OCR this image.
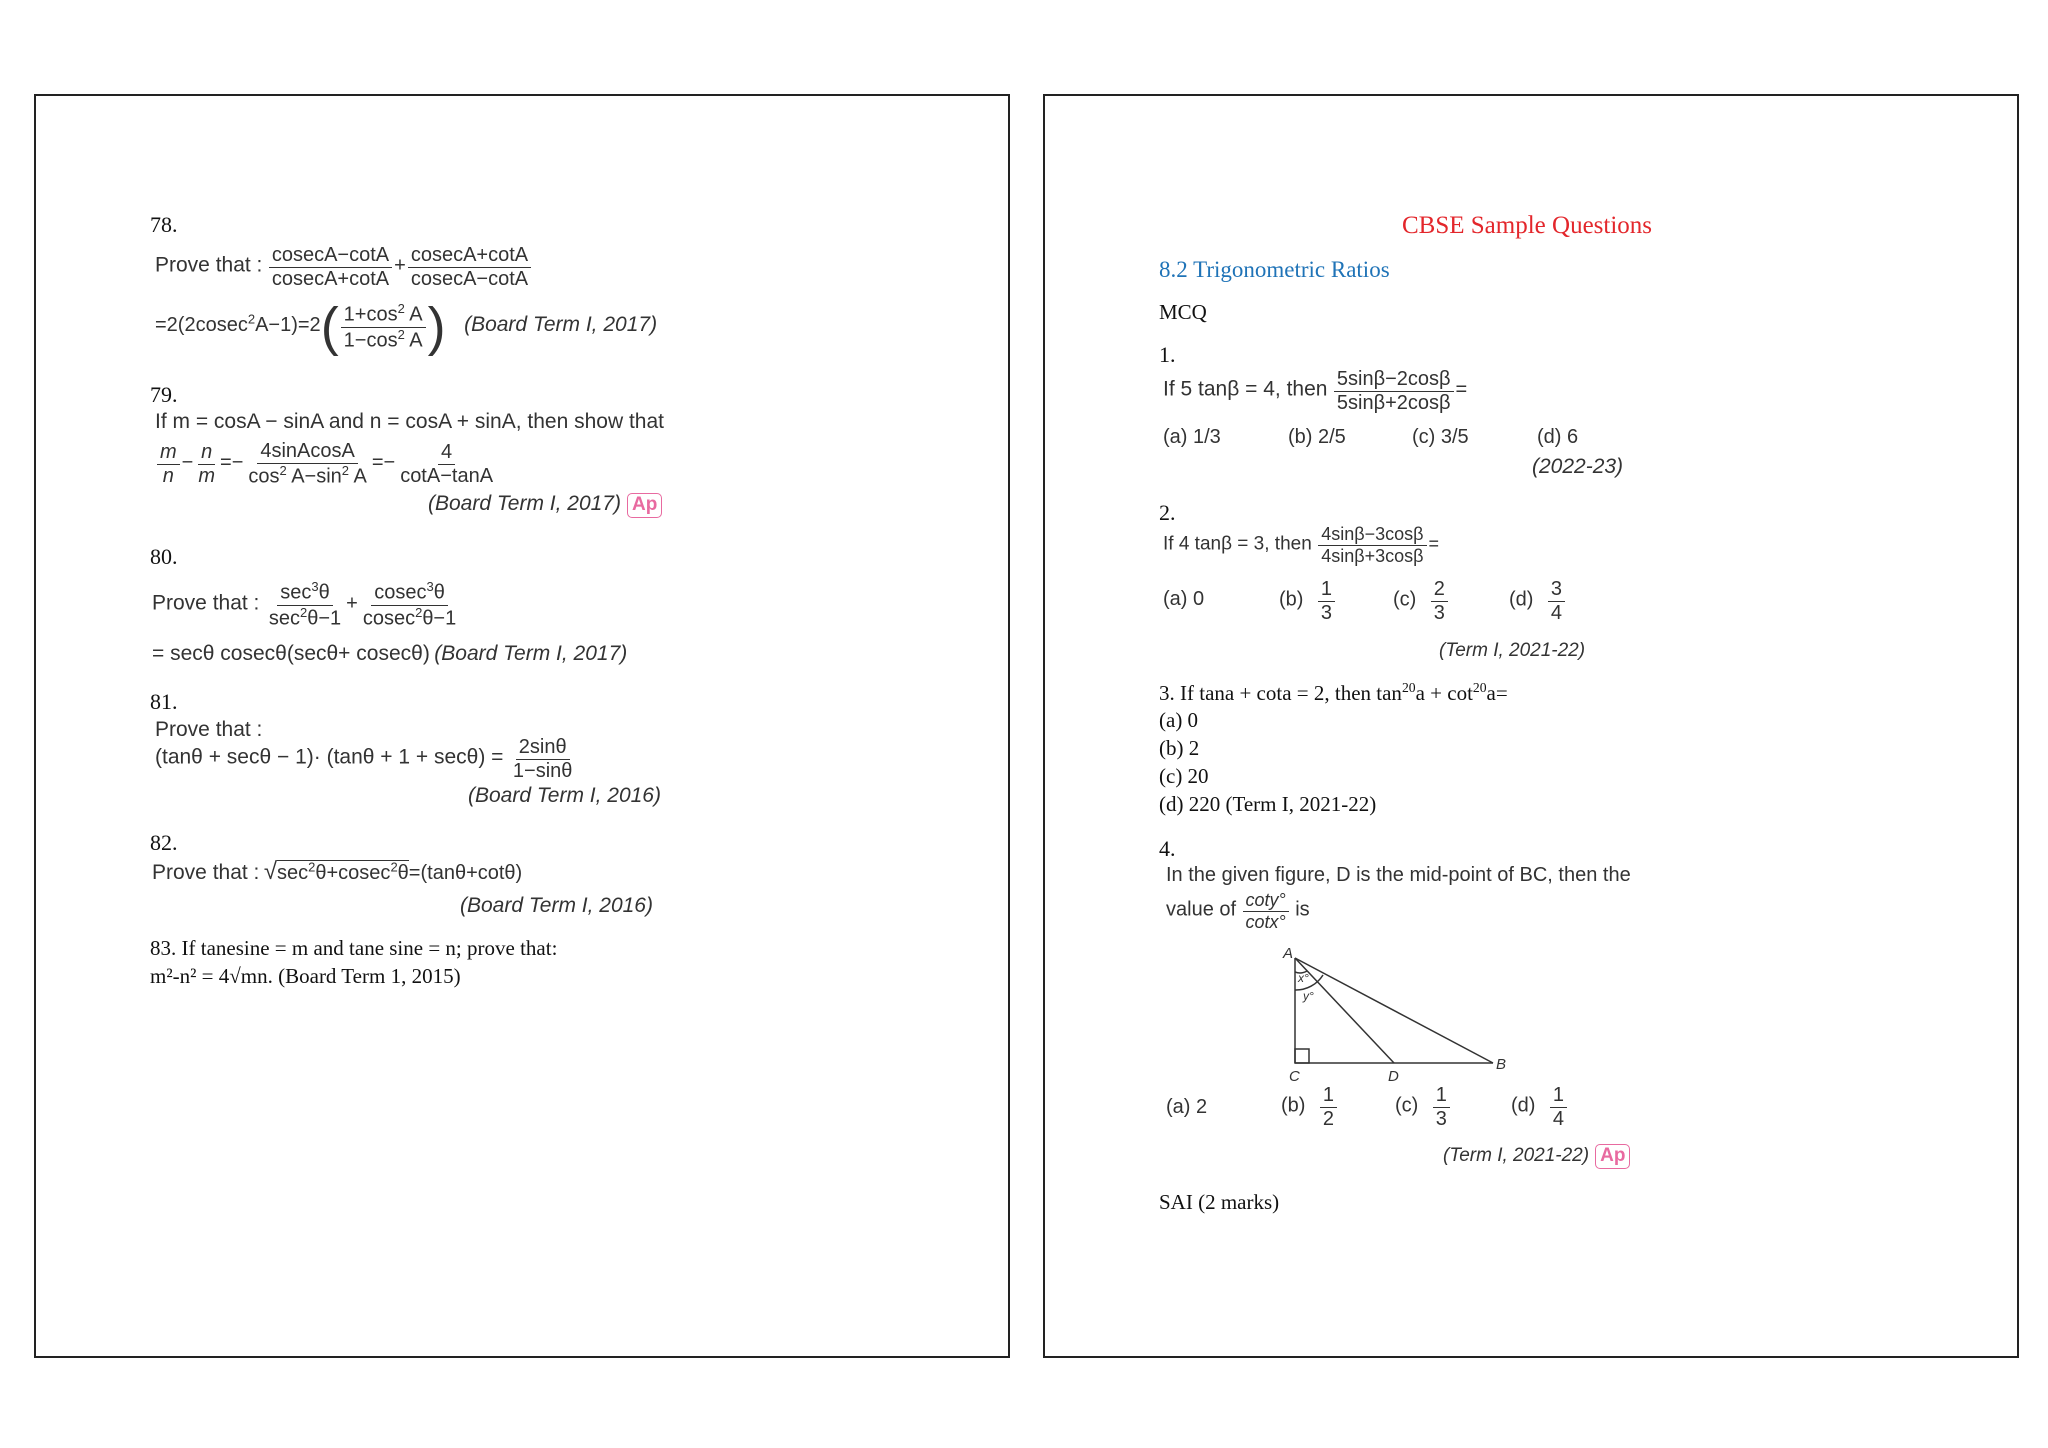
78.
Prove that : $\frac{cosecA-\cot A}{cosecA+\cot A} + \frac{cosecA+\cot A}{cosecA-\cot A}$
$=2(2cosec^2A-1)=2( \frac{1+\cos^2 A}{1-\cos^2 A}$ ) (Board Term I, 2017)
79.
If m = cosA − sinA and n = cosA + sinA, then show that
$\frac{m}{n} - \frac{n}{m} =- \frac{\text{4sinAcosA}}{\cos^2 A-\sin^2 A} =- \frac{4}{\cot A-\tan A}$
(Board Term I, 2017) Ap
80.
Prove that : $\frac{\sec^3\theta}{\sec^2\theta-1} + \frac{cosec^3\theta}{cosec^2\theta-1}$
= secθ cosecθ(secθ+ cosecθ) (Board Term I, 2017)
81.
Prove that :
$(\tan\theta + \sec\theta - 1)\cdot (\tan\theta + 1 + \sec\theta) = \frac{2\sin\theta}{1-\sin\theta}$
(Board Term I, 2016)
82.
Prove that : $√\sec^2\theta+cosec^2\theta=(\tan\theta+\cot\theta)$
(Board Term I, 2016)
83. If tanesine = m and tane sine = n; prove that:
m²-n² = 4√mn. (Board Term 1, 2015)
CBSE Sample Questions
8.2 Trigonometric Ratios
MCQ
1.
If 5 tanβ = 4, then $\frac{5\sin\beta-2\cos\beta}{5\sin\beta+2\cos\beta}$ =
(a) 1/3	(b) 2/5	(c) 3/5	(d) 6
(2022-23)
2.
If 4 tanβ = 3, then $\frac{4\sin\beta-3\cos\beta}{4\sin\beta+3\cos\beta}$ =
(a) 0	$(b) \frac{1}{3}$	$(c) \frac{2}{3}$	$(d) \frac{3}{4}$
(Term I, 2021-22)
3. If tana + cota = 2, then $\tan^{20}a + \cot^{20}a=$
(a) 0
(b) 2
(c) 20
(d) 220 (Term I, 2021-22)
4.
In the given figure, D is the mid-point of BC, then the
value of $\frac{\cot y^\circ}{\cot x^\circ}$ is
A
B
C	D
x°
y°
(a) 2	$(b) \frac{1}{2}$	$(c) \frac{1}{3}$	$(d) \frac{1}{4}$
(Term I, 2021-22) Ap
SAI (2 marks)
